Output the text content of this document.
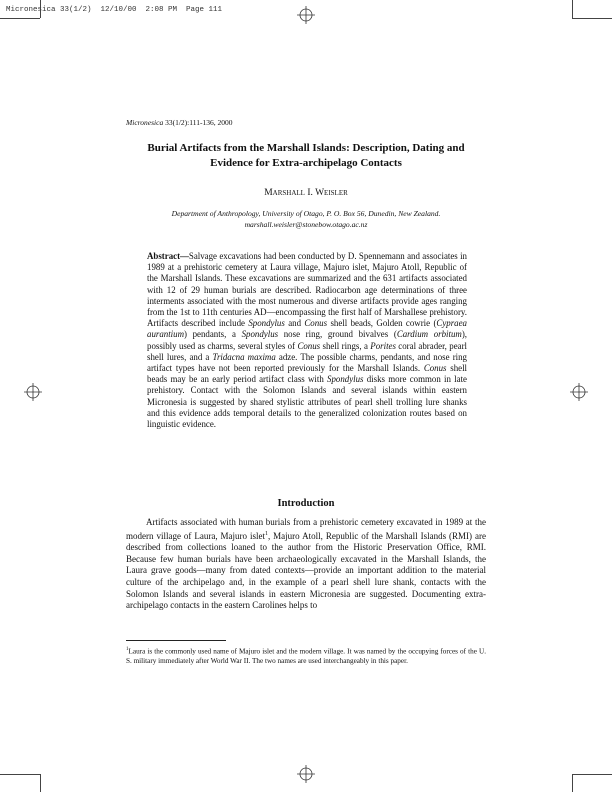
Micronesica 33(1/2)  12/10/00  2:08 PM  Page 111
Micronesica 33(1/2):111-136, 2000
Burial Artifacts from the Marshall Islands: Description, Dating and
Evidence for Extra-archipelago Contacts
Marshall I. Weisler
Department of Anthropology, University of Otago, P. O. Box 56, Dunedin, New Zealand.
marshall.weisler@stonebow.otago.ac.nz
Abstract—Salvage excavations had been conducted by D. Spennemann and associates in 1989 at a prehistoric cemetery at Laura village, Majuro islet, Majuro Atoll, Republic of the Marshall Islands. These excavations are summarized and the 631 artifacts associated with 12 of 29 human burials are described. Radiocarbon age determinations of three interments associated with the most numerous and diverse artifacts provide ages ranging from the 1st to 11th centuries AD—encompassing the first half of Marshallese prehistory. Artifacts described include Spondylus and Conus shell beads, Golden cowrie (Cypraea aurantium) pendants, a Spondylus nose ring, ground bivalves (Cardium orbitum), possibly used as charms, several styles of Conus shell rings, a Porites coral abrader, pearl shell lures, and a Tridacna maxima adze. The possible charms, pendants, and nose ring artifact types have not been reported previously for the Marshall Islands. Conus shell beads may be an early period artifact class with Spondylus disks more common in late prehistory. Contact with the Solomon Islands and several islands within eastern Micronesia is suggested by shared stylistic attributes of pearl shell trolling lure shanks and this evidence adds temporal details to the generalized colonization routes based on linguistic evidence.
Introduction
Artifacts associated with human burials from a prehistoric cemetery excavated in 1989 at the modern village of Laura, Majuro islet$^1$, Majuro Atoll, Republic of the Marshall Islands (RMI) are described from collections loaned to the author from the Historic Preservation Office, RMI. Because few human burials have been archaeologically excavated in the Marshall Islands, the Laura grave goods—many from dated contexts—provide an important addition to the material culture of the archipelago and, in the example of a pearl shell lure shank, contacts with the Solomon Islands and several islands in eastern Micronesia are suggested. Documenting extra-archipelago contacts in the eastern Carolines helps to
$^1$Laura is the commonly used name of Majuro islet and the modern village. It was named by the occupying forces of the U. S. military immediately after World War II. The two names are used interchangeably in this paper.
